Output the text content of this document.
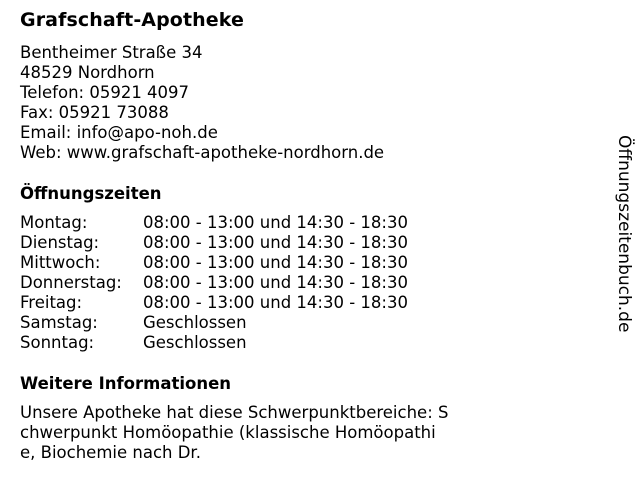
Grafschaft-Apotheke
Bentheimer Straße 34
48529 Nordhorn
Telefon: 05921 4097
Fax: 05921 73088
Email: info@apo-noh.de
Web: www.grafschaft-apotheke-nordhorn.de
Öffnungszeiten
Montag:	08:00 - 13:00 und 14:30 - 18:30
Dienstag:	08:00 - 13:00 und 14:30 - 18:30
Mittwoch:	08:00 - 13:00 und 14:30 - 18:30
Donnerstag:	08:00 - 13:00 und 14:30 - 18:30
Freitag:	08:00 - 13:00 und 14:30 - 18:30
Samstag:	Geschlossen
Sonntag:	Geschlossen
Weitere Informationen
Unsere Apotheke hat diese Schwerpunktbereiche: Schwerpunkt Homöopathie (klassische Homöopathie, Biochemie nach Dr.
Öffnungszeitenbuch.de
